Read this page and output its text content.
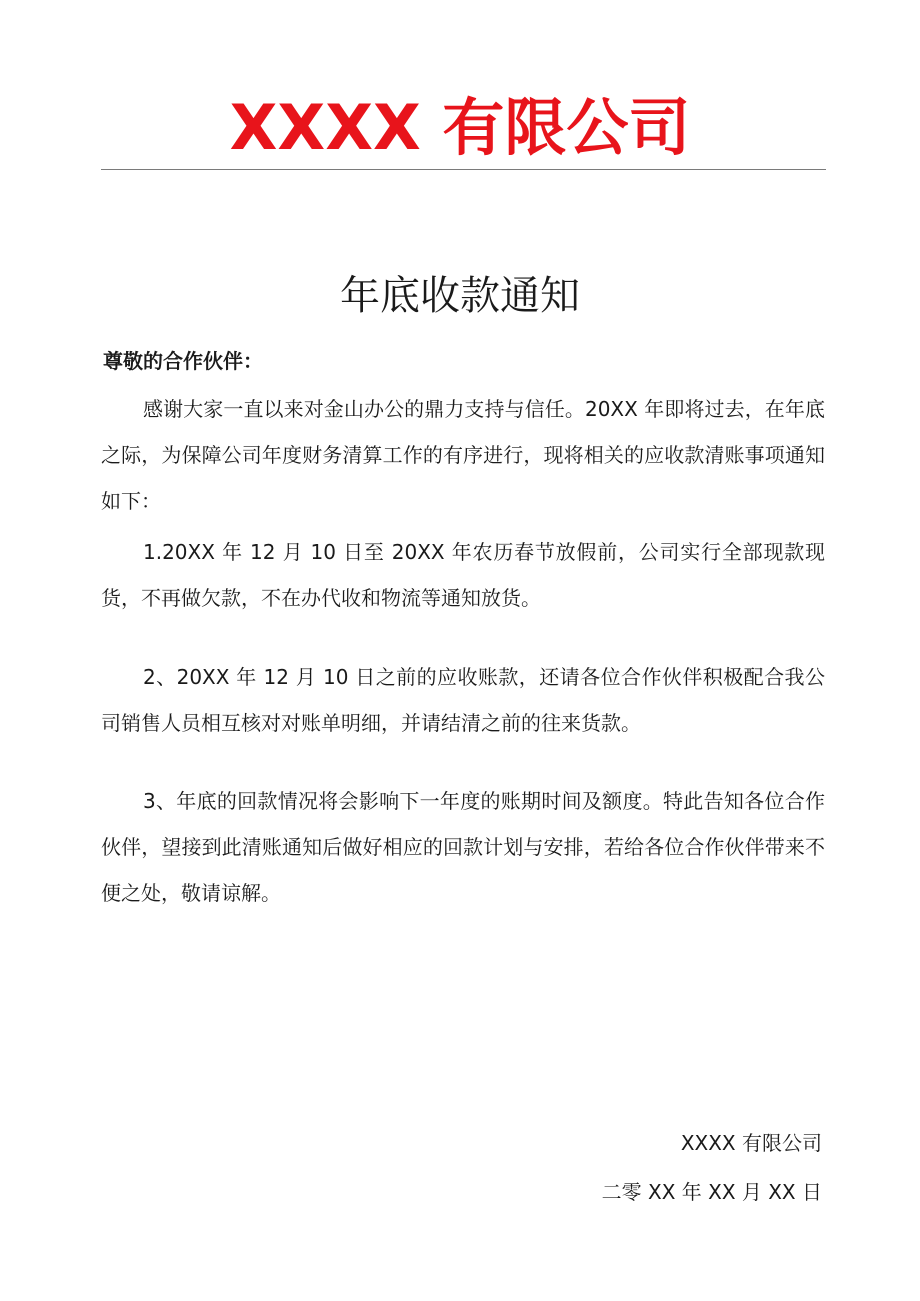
XXXX 有限公司
年底收款通知
尊敬的合作伙伴：

感谢大家一直以来对金山办公的鼎力支持与信任。20XX 年即将过去，在年底之际，为保障公司年度财务清算工作的有序进行，现将相关的应收款清账事项通知如下：

1.20XX 年 12 月 10 日至 20XX 年农历春节放假前，公司实行全部现款现货，不再做欠款，不在办代收和物流等通知放货。

2、20XX 年 12 月 10 日之前的应收账款，还请各位合作伙伴积极配合我公司销售人员相互核对对账单明细，并请结清之前的往来货款。

3、年底的回款情况将会影响下一年度的账期时间及额度。特此告知各位合作伙伴，望接到此清账通知后做好相应的回款计划与安排，若给各位合作伙伴带来不便之处，敬请谅解。

XXXX 有限公司
二零 XX 年 XX 月 XX 日
